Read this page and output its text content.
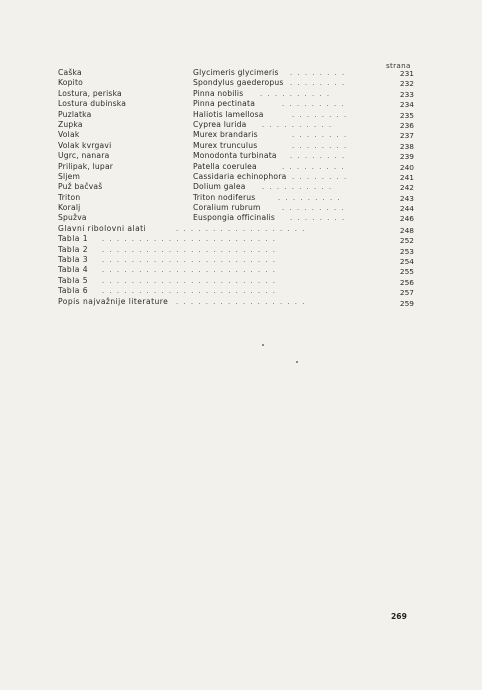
strana
Caška	Glycimeris glycimeris ........	231
Kopito	Spondylus gaederopus ........	232
Lostura, periska	Pinna nobilis ..........	233
Lostura dubinska	Pinna pectinata	.........	234
Puzlatka	Haliotis lamellosa	........	235
Zupka	Cyprea lurida ..........	236
Volak	Murex brandaris	........	237
Volak kvrgavi	Murex trunculus	........	238
Ugrc, nanara	Monodonta turbinata ........	239
Prilipak, lupar	Patella coerulea	.........	240
Sljem	Cassidaria echinophora ........	241
Puž bačvaš	Dolium galea ..........	242
Triton	Triton nodiferus	.........	243
Koralj	Coralium rubrum	.........	244
Spužva	Euspongia officinalis ........	246
Glavni ribolovni alati	..................	248
Tabla 1 ........................	252
Tabla 2 ........................	253
Tabla 3 ........................	254
Tabla 4 ........................	255
Tabla 5 ........................	256
Tabla 6 ........................	257
Popis najvažnije literature ..................	259
269
